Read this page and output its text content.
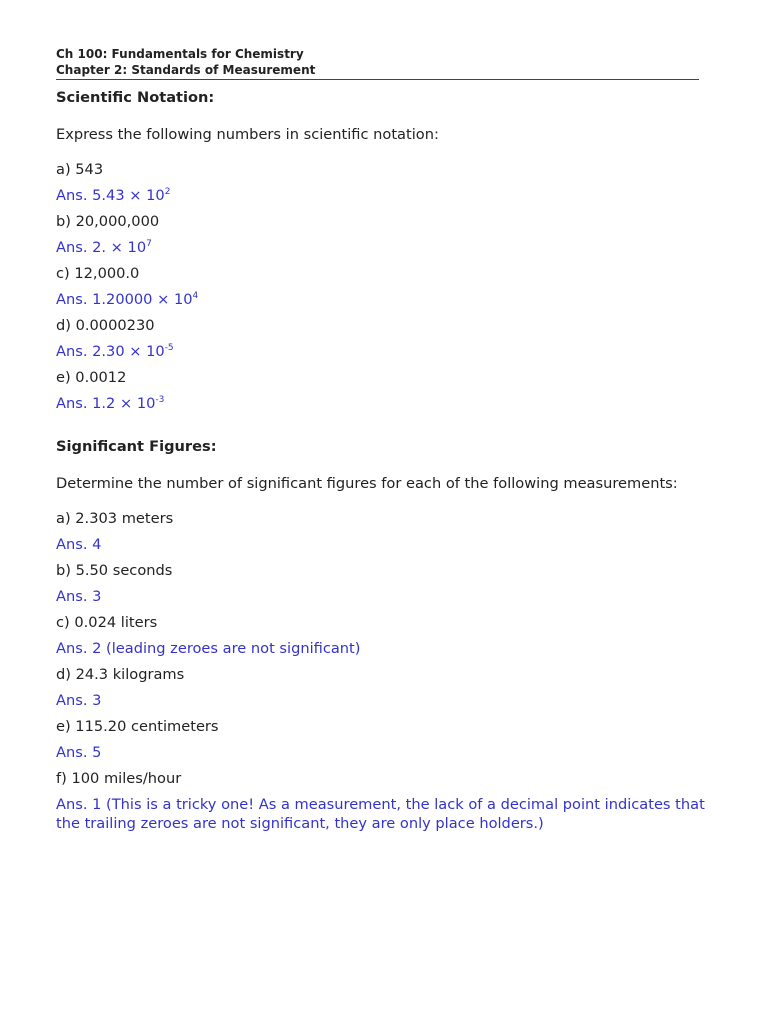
Ch 100: Fundamentals for Chemistry
Chapter 2: Standards of Measurement
Scientific Notation:
Express the following numbers in scientific notation:
a) 543
Ans. $5.43 \times 10^2$
b) 20,000,000
Ans. 2. × $10^7$
c) 12,000.0
Ans. $1.20000 \times 10^4$
d) 0.0000230
Ans. $2.30 \times 10^{-5}$
e) 0.0012
Ans. $1.2 \times 10^{-3}$
Significant Figures:
Determine the number of significant figures for each of the following measurements:
a) 2.303 meters
Ans. 4
b) 5.50 seconds
Ans. 3
c) 0.024 liters
Ans. 2 (leading zeroes are not significant)
d) 24.3 kilograms
Ans. 3
e) 115.20 centimeters
Ans. 5
f) 100 miles/hour
Ans. 1 (This is a tricky one! As a measurement, the lack of a decimal point indicates that the trailing zeroes are not significant, they are only place holders.)
